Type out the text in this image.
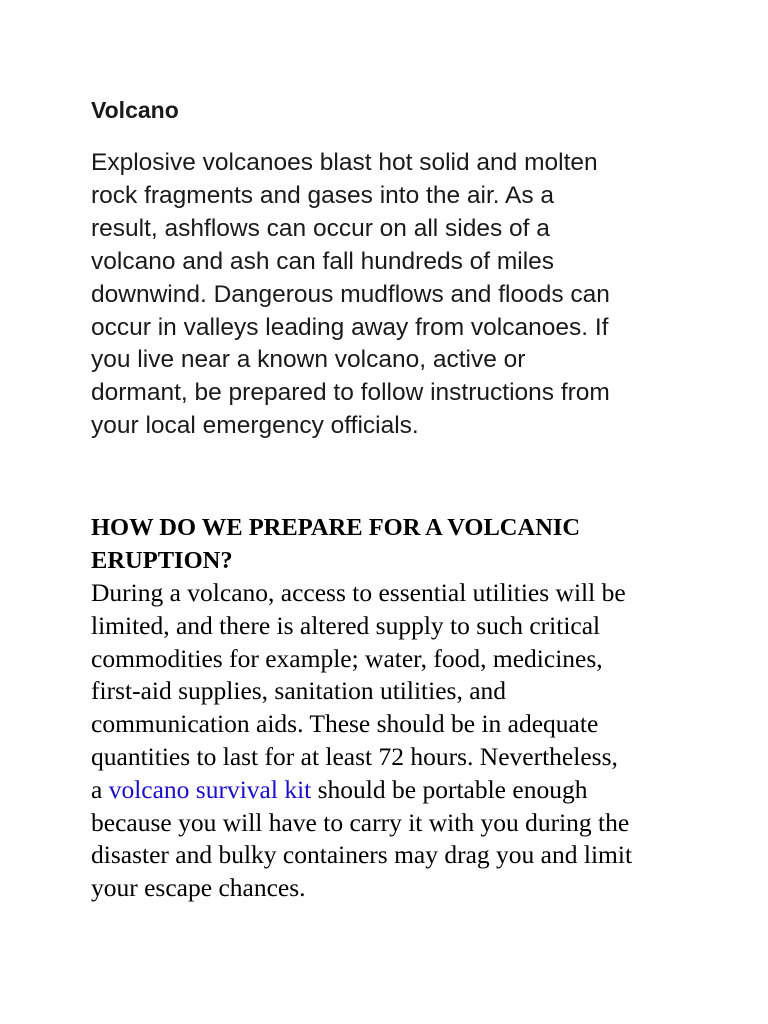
Volcano

Explosive volcanoes blast hot solid and molten
rock fragments and gases into the air. As a
result, ashflows can occur on all sides of a
volcano and ash can fall hundreds of miles
downwind. Dangerous mudflows and floods can
occur in valleys leading away from volcanoes. If
you live near a known volcano, active or
dormant, be prepared to follow instructions from
your local emergency officials.

HOW DO WE PREPARE FOR A VOLCANIC
ERUPTION?

During a volcano, access to essential utilities will be
limited, and there is altered supply to such critical
commodities for example; water, food, medicines,
first-aid supplies, sanitation utilities, and
communication aids. These should be in adequate
quantities to last for at least 72 hours. Nevertheless,
a volcano survival kit should be portable enough
because you will have to carry it with you during the
disaster and bulky containers may drag you and limit
your escape chances.
